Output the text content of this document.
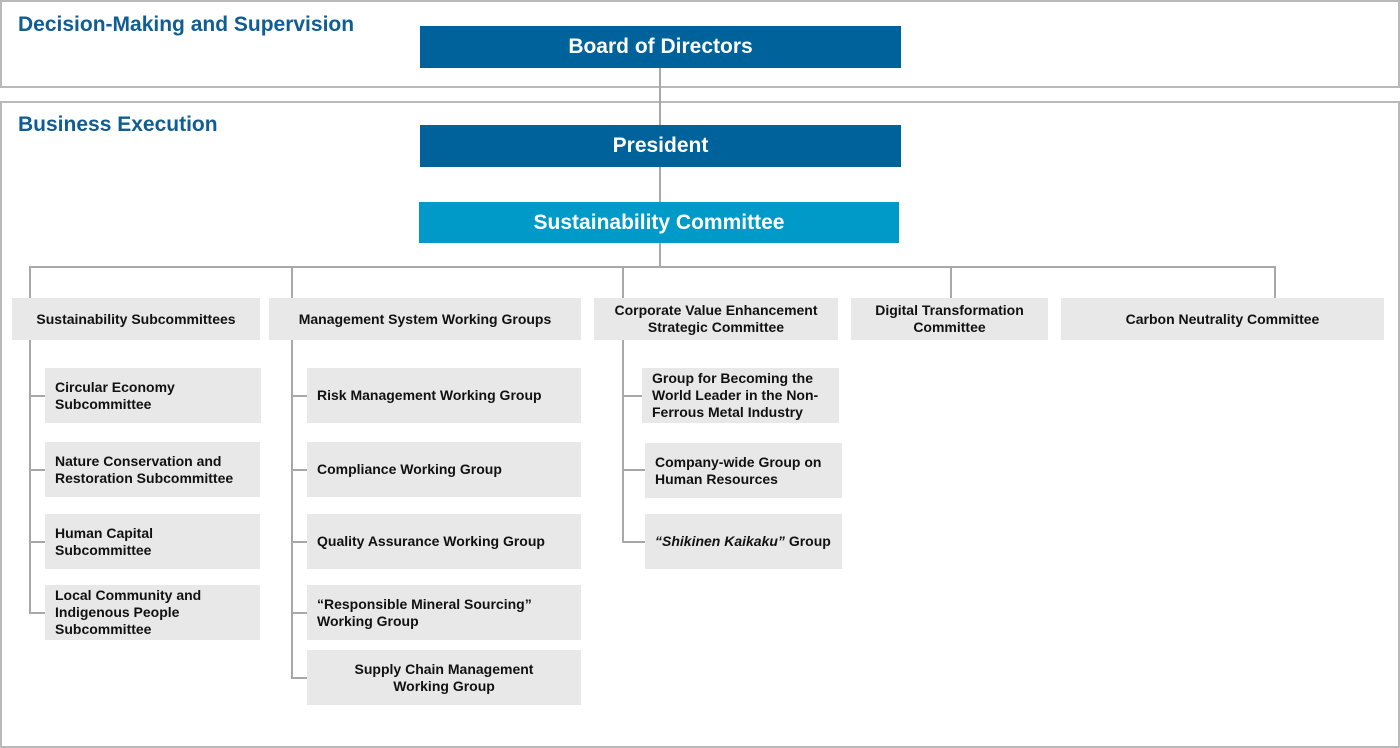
Decision-Making and Supervision
Business Execution
Board of Directors
President
Sustainability Committee
Sustainability Subcommittees	Management System Working Groups
Corporate Value Enhancement Strategic Committee
Digital Transformation Committee
Carbon Neutrality Committee
Circular Economy Subcommittee
Nature Conservation and Restoration Subcommittee
Human Capital Subcommittee
Local Community and Indigenous People Subcommittee
Risk Management Working Group
Compliance Working Group
Quality Assurance Working Group
“Responsible Mineral Sourcing” Working Group
Supply Chain Management Working Group
Group for Becoming the World Leader in the Non-Ferrous Metal Industry
Company-wide Group on Human Resources
“Shikinen Kaikaku” Group
